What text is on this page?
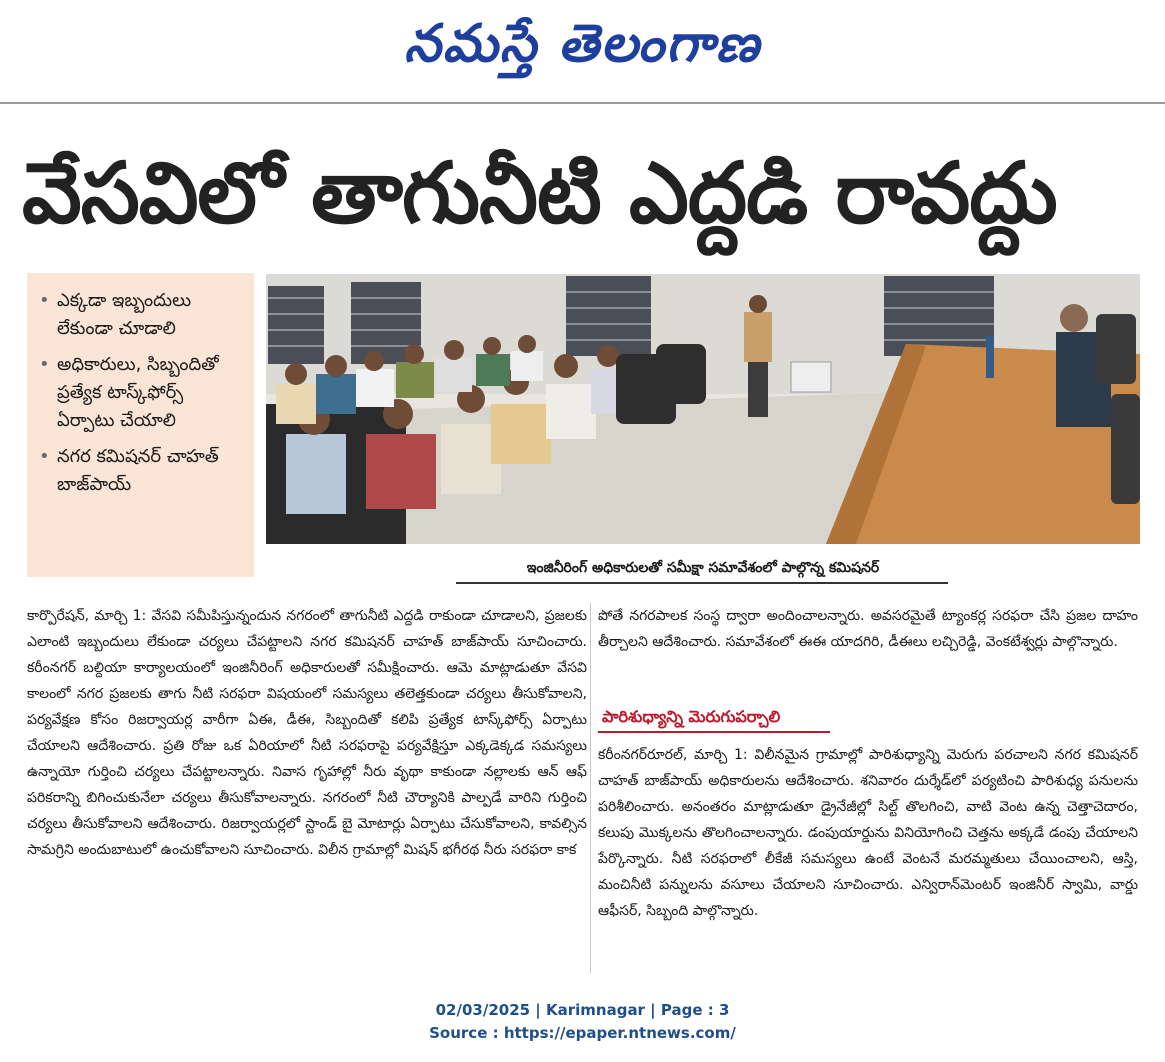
నమస్తే తెలంగాణ
వేసవిలో తాగునీటి ఎద్దడి రావద్దు
• ఎక్కడా ఇబ్బందులు లేకుండా చూడాలి
• అధికారులు, సిబ్బందితో ప్రత్యేక టాస్క్‌ఫోర్స్ ఏర్పాటు చేయాలి
• నగర కమిషనర్ చాహత్ బాజ్‌పాయ్
ఇంజినీరింగ్ అధికారులతో సమీక్షా సమావేశంలో పాల్గొన్న కమిషనర్
కార్పొరేషన్, మార్చి 1: వేసవి సమీపిస్తున్నందున నగరంలో తాగునీటి ఎద్దడి రాకుండా చూడాలని, ప్రజలకు ఎలాంటి ఇబ్బందులు లేకుండా చర్యలు చేపట్టాలని నగర కమిషనర్ చాహత్ బాజ్‌పాయ్ సూచించారు. కరీంనగర్ బల్దియా కార్యాలయంలో ఇంజినీరింగ్ అధికారులతో సమీక్షించారు. ఆమె మాట్లాడుతూ వేసవి కాలంలో నగర ప్రజలకు తాగు నీటి సరఫరా విషయంలో సమస్యలు తలెత్తకుండా చర్యలు తీసుకోవాలని, పర్యవేక్షణ కోసం రిజర్వాయర్ల వారీగా ఏఈ, డీఈ, సిబ్బందితో కలిపి ప్రత్యేక టాస్క్‌ఫోర్స్ ఏర్పాటు చేయాలని ఆదేశించారు. ప్రతి రోజు ఒక ఏరియాలో నీటి సరఫరాపై పర్యవేక్షిస్తూ ఎక్కడెక్కడ సమస్యలు ఉన్నాయో గుర్తించి చర్యలు చేపట్టాలన్నారు. నివాస గృహాల్లో నీరు వృథా కాకుండా నల్లాలకు ఆన్ ఆఫ్ పరికరాన్ని బిగించుకునేలా చర్యలు తీసుకోవాలన్నారు. నగరంలో నీటి చౌర్యానికి పాల్పడే వారిని గుర్తించి చర్యలు తీసుకోవాలని ఆదేశించారు. రిజర్వాయర్లలో స్టాండ్ బై మోటార్లు ఏర్పాటు చేసుకోవాలని, కావల్సిన సామగ్రిని అందుబాటులో ఉంచుకోవాలని సూచించారు. విలీన గ్రామాల్లో మిషన్ భగీరథ నీరు సరఫరా కాక
పోతే నగరపాలక సంస్థ ద్వారా అందించాలన్నారు. అవసరమైతే ట్యాంకర్ల సరఫరా చేసి ప్రజల దాహం తీర్చాలని ఆదేశించారు. సమావేశంలో ఈఈ యాదగిరి, డీఈలు లచ్చిరెడ్డి, వెంకటేశ్వర్లు పాల్గొన్నారు.
పారిశుధ్యాన్ని మెరుగుపర్చాలి
కరీంనగర్‌రూరల్, మార్చి 1: విలీనమైన గ్రామాల్లో పారిశుధ్యాన్ని మెరుగు పరచాలని నగర కమిషనర్ చాహత్ బాజ్‌పాయ్ అధికారులను ఆదేశించారు. శనివారం దుర్శేడ్‌లో పర్యటించి పారిశుధ్య పనులను పరిశీలించారు. అనంతరం మాట్లాడుతూ డ్రైనేజీల్లో సిల్ట్ తొలగించి, వాటి వెంట ఉన్న చెత్తాచెదారం, కలుపు మొక్కలను తొలగించాలన్నారు. డంపుయార్డును వినియోగించి చెత్తను అక్కడే డంపు చేయాలని పేర్కొన్నారు. నీటి సరఫరాలో లీకేజీ సమస్యలు ఉంటే వెంటనే మరమ్మతులు చేయించాలని, ఆస్తి, మంచినీటి పన్నులను వసూలు చేయాలని సూచించారు. ఎన్విరాన్‌మెంటర్ ఇంజినీర్ స్వామి, వార్డు ఆఫీసర్, సిబ్బంది పాల్గొన్నారు.
02/03/2025 | Karimnagar | Page : 3
Source : https://epaper.ntnews.com/
